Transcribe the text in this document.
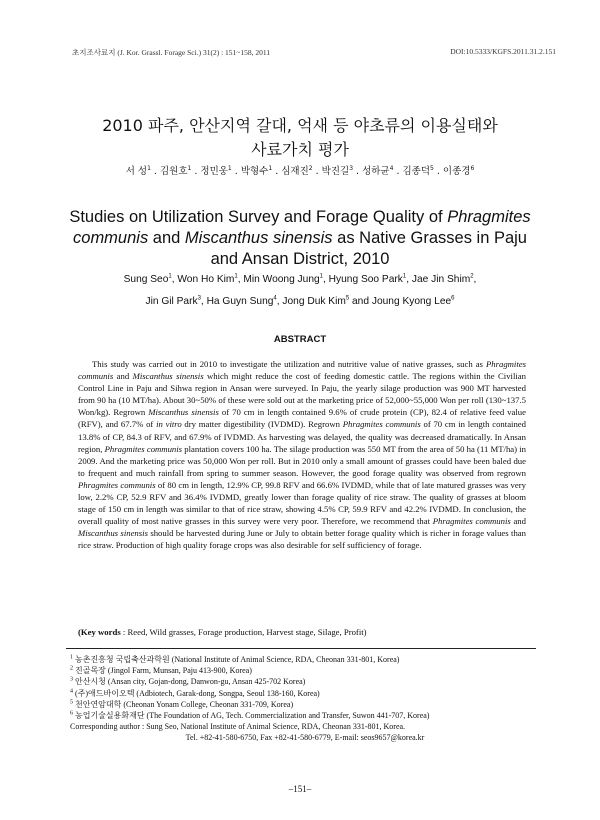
초지조사료지 (J. Kor. Grassl. Forage Sci.) 31(2) : 151~158, 2011	DOI:10.5333/KGFS.2011.31.2.151
2010 파주, 안산지역 갈대, 억새 등 야초류의 이용실태와
사료가치 평가
서 성$^1$ . 김원호$^1$ . 정민웅$^1$ . 박형수$^1$ . 심재진$^2$ . 박진길$^3$ . 성하균$^4$ . 김종덕$^5$ . 이종경$^6$
Studies on Utilization Survey and Forage Quality of Phragmites
communis and Miscanthus sinensis as Native Grasses in Paju
and Ansan District, 2010
Sung Seo$^1$, Won Ho Kim$^1$, Min Woong Jung$^1$, Hyung Soo Park$^1$, Jae Jin Shim$^2$,
Jin Gil Park$^3$, Ha Guyn Sung$^4$, Jong Duk Kim$^5$ and Joung Kyong Lee$^6$
ABSTRACT

This study was carried out in 2010 to investigate the utilization and nutritive value of native grasses, such as Phragmites communis and Miscanthus sinensis which might reduce the cost of feeding domestic cattle. The regions within the Civilian Control Line in Paju and Sihwa region in Ansan were surveyed. In Paju, the yearly silage production was 900 MT harvested from 90 ha (10 MT/ha). About 30~50% of these were sold out at the marketing price of 52,000~55,000 Won per roll (130~137.5 Won/kg). Regrown Miscanthus sinensis of 70 cm in length contained 9.6% of crude protein (CP), 82.4 of relative feed value (RFV), and 67.7% of in vitro dry matter digestibility (IVDMD). Regrown Phragmites communis of 70 cm in length contained 13.8% of CP, 84.3 of RFV, and 67.9% of IVDMD. As harvesting was delayed, the quality was decreased dramatically. In Ansan region, Phragmites communis plantation covers 100 ha. The silage production was 550 MT from the area of 50 ha (11 MT/ha) in 2009. And the marketing price was 50,000 Won per roll. But in 2010 only a small amount of grasses could have been baled due to frequent and much rainfall from spring to summer season. However, the good forage quality was observed from regrown Phragmites communis of 80 cm in length, 12.9% CP, 99.8 RFV and 66.6% IVDMD, while that of late matured grasses was very low, 2.2% CP, 52.9 RFV and 36.4% IVDMD, greatly lower than forage quality of rice straw. The quality of grasses at bloom stage of 150 cm in length was similar to that of rice straw, showing 4.5% CP, 59.9 RFV and 42.2% IVDMD. In conclusion, the overall quality of most native grasses in this survey were very poor. Therefore, we recommend that Phragmites communis and Miscanthus sinensis should be harvested during June or July to obtain better forage quality which is richer in forage values than rice straw. Production of high quality forage crops was also desirable for self sufficiency of forage.

(Key words : Reed, Wild grasses, Forage production, Harvest stage, Silage, Profit)

$^1$ 농촌진흥청 국립축산과학원 (National Institute of Animal Science, RDA, Cheonan 331-801, Korea)
$^2$ 진골목장 (Jingol Farm, Munsan, Paju 413-900, Korea)
$^3$ 안산시청 (Ansan city, Gojan-dong, Danwon-gu, Ansan 425-702 Korea)
$^4$ (주)애드바이오텍 (Adbiotech, Garak-dong, Songpa, Seoul 138-160, Korea)
$^5$ 천안연암대학 (Cheonan Yonam College, Cheonan 331-709, Korea)
$^6$ 농업기술실용화재단 (The Foundation of AG, Tech. Commercialization and Transfer, Suwon 441-707, Korea)
Corresponding author : Sung Seo, National Institute of Animal Science, RDA, Cheonan 331-801, Korea.
Tel. +82-41-580-6750, Fax +82-41-580-6779, E-mail: seos9657@korea.kr
–151–
